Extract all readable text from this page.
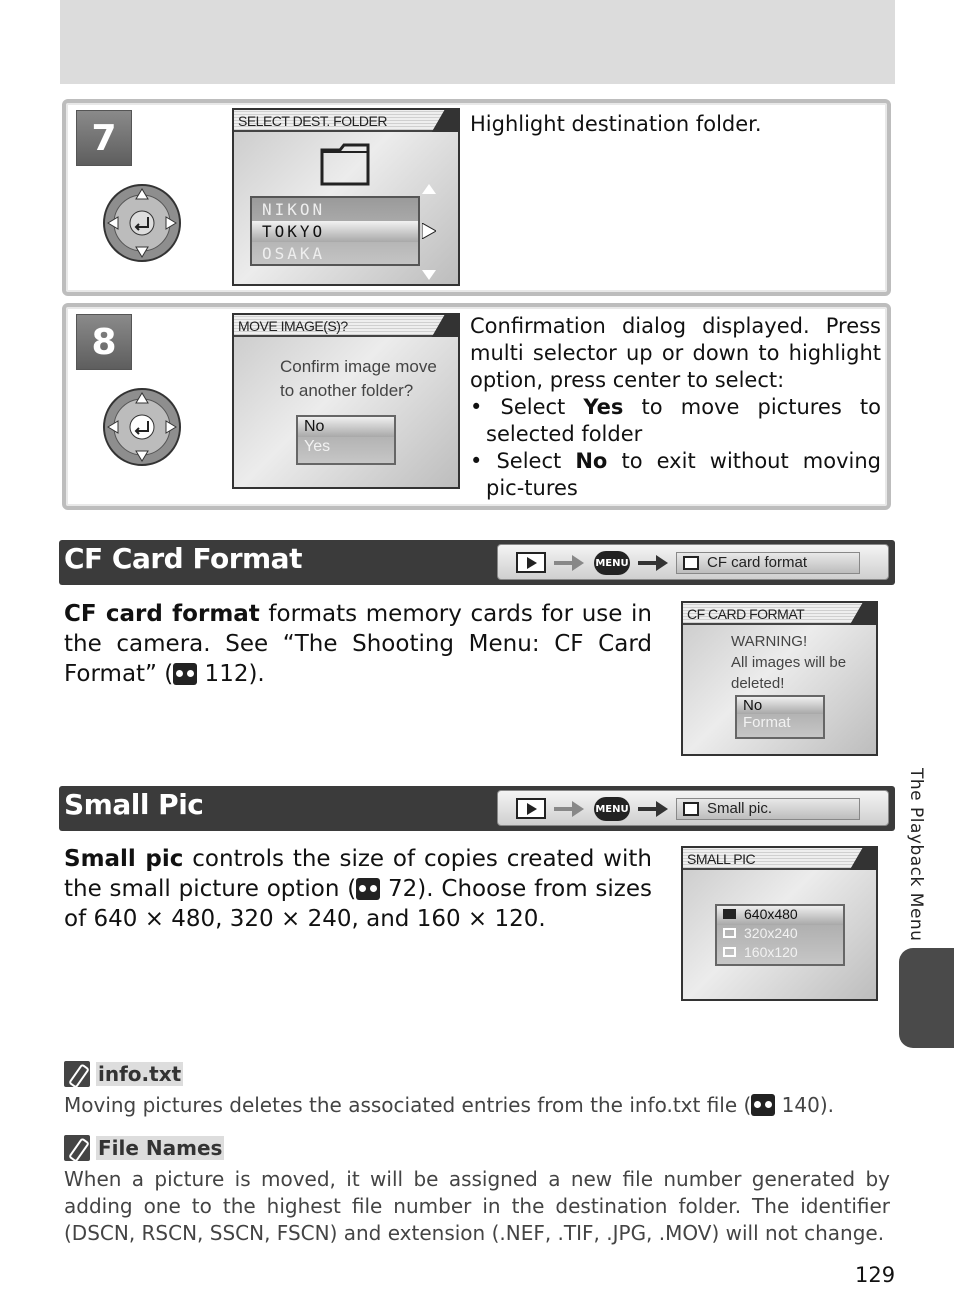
7	SELECT DEST. FOLDER
NIKON
TOKYO
OSAKA
Highlight destination folder.
8	MOVE IMAGE(S)?
Confirm image move
to another folder?
No
Yes
Confirmation dialog displayed. Press multi selector up or down to highlight option, press center to select:
• Select Yes to move pictures to selected folder
• Select No to exit without moving pic-tures
CF Card Format	MENU	CF card format
CF card format formats memory cards for use in the camera. See “The Shooting Menu: CF Card Format” ( 112).
CF CARD FORMAT
WARNING!
All images will be
deleted!
No
Format
Small Pic	MENU	Small pic.
Small pic controls the size of copies created with the small picture option ( 72). Choose from sizes of 640 × 480, 320 × 240, and 160 × 120.
SMALL PIC
640x480
320x240
160x120
The Playback Menu
info.txt
Moving pictures deletes the associated entries from the info.txt file ( 140).
File Names
When a picture is moved, it will be assigned a new file number generated by adding one to the highest file number in the destination folder. The identifier (DSCN, RSCN, SSCN, FSCN) and extension (.NEF, .TIF, .JPG, .MOV) will not change.
129
